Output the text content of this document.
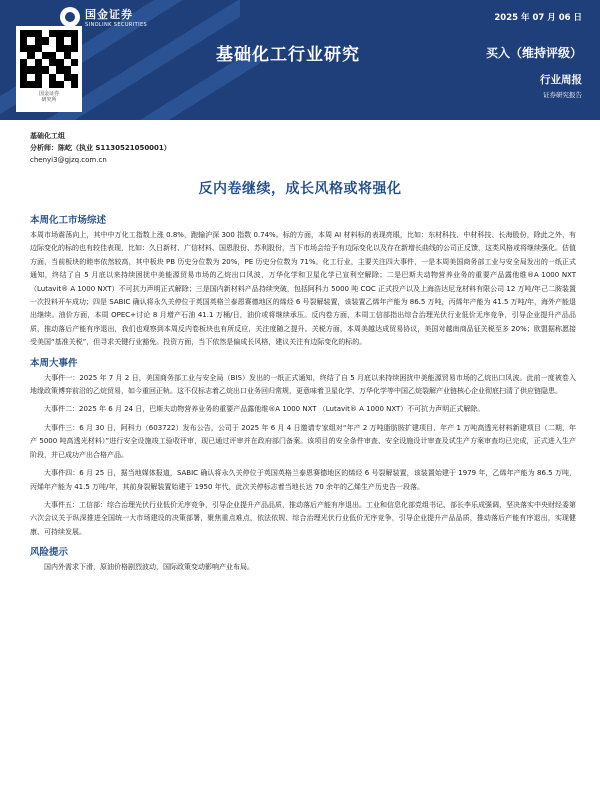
国金证券
SINOLINK SECURITIES
国金证券
研究所
2025 年 07 月 06 日
基础化工行业研究	买入（维持评级）
行业周报
证券研究报告
基础化工组
分析师：陈屹（执业 S1130521050001）
chenyi3@gjzq.com.cn
反内卷继续，成长风格或将强化
本周化工市场综述

本周市场震荡向上，其中中万化工指数上涨 0.8%，跑输沪深 300 指数 0.74%。标的方面，本周 AI 材料标的表现亮眼，比如：东材科技、中材科技、长海股份，除此之外，有边际变化的标的也有较佳表现，比如：久日新材、广信材料、国恩股份、苏利股份，当下市场会给予有边际变化以及存在新增长曲线的公司正反馈，这类风格或将继续强化。估值方面，当前板块的睦率依然较高，其中板块 PB 历史分位数为 20%，PE 历史分位数为 71%。化工行业，主要关注四大事件，一是本周美国商务部工业与安全局发出的一纸正式通知，终结了自 5 月底以来持续困扰中美能源贸易市场的乙烷出口风波，万华化学和卫星化学已宣利空解除；二是巴斯夫动物营养业务的重要产品露他维®A 1000 NXT （Lutavit® A 1000 NXT）不可抗力声明正式解除；三是国内新材料产品持续突破，包括阿科力 5000 吨 COC 正式投产以及上海浩达尼龙材料有限公司 12 万吨/年己二胺装置一次投料开车成功；四是 SABIC 确认将永久关停位于英国英格兰泰恩赛德地区的烯烃 6 号裂解装置，该装置乙烯年产能为 86.5 万吨，丙烯年产能为 41.5 万吨/年，海外产能退出继续。油价方面，本周 OPEC+讨论 8 月增产石油 41.1 万桶/日，油价或将继续承压。反内卷方面，本周工信部指出综合治理光伏行业低价无序竞争，引导企业提升产品品质，推动落后产能有序退出，我们也观察到本周反内卷板块也有所反应，关注度随之提升。关税方面，本周美越达成贸易协议，美国对越南商品征关税至多 20%；欧盟据称愿接受美国“基准关税”，但寻求关键行业豁免。投资方面，当下依然是偏成长风格，建议关注有边际变化的标的。

本周大事件

大事件一：2025 年 7 月 2 日，美国商务部工业与安全局（BIS）发出的一纸正式通知，终结了自 5 月底以来持续困扰中美能源贸易市场的乙烷出口风波。此前一度被卷入地缘政策博弈前沿的乙烷贸易，如今重回正轨。这不仅标志着乙烷出口业务回归常规，更意味着卫星化学、万华化学等中国乙烷裂解产业链核心企业彻底扫清了供应链隐患。

大事件二：2025 年 6 月 24 日，巴斯夫动物营养业务的重要产品露他维®A 1000 NXT （Lutavit® A 1000 NXT）不可抗力声明正式解除。

大事件三：6 月 30 日，阿科力（603722）发布公告，公司于 2025 年 6 月 4 日邀请专家组对“年产 2 万吨脂肪胺扩建项目、年产 1 万吨高透光材料新建项目（二期，年产 5000 吨高透光材料）”进行安全设施竣工验收评审，现已通过评审并在政府部门备案。该项目的安全条件审查、安全设施设计审查及试生产方案审查均已完成，正式进入生产阶段，并已成功产出合格产品。

大事件四：6 月 25 日，据当地媒体报道，SABIC 确认将永久关停位于英国英格兰泰恩赛德地区的烯烃 6 号裂解装置，该装置始建于 1979 年，乙烯年产能为 86.5 万吨，丙烯年产能为 41.5 万吨/年，其前身裂解装置始建于 1950 年代，此次关停标志着当地长达 70 余年的乙烯生产历史告一段落。

大事件五：工信部：综合治理光伏行业低价无序竞争，引导企业提升产品品质，推动落后产能有序退出。工业和信息化部党组书记、部长李乐成强调，坚决落实中央财经委第六次会议关于纵深推进全国统一大市场建设的决策部署，聚焦重点难点，依法依规、综合治理光伏行业低价无序竞争，引导企业提升产品品质，推动落后产能有序退出，实现健康、可持续发展。

风险提示

国内外需求下滑，原油价格剧烈波动，国际政策变动影响产业布局。
